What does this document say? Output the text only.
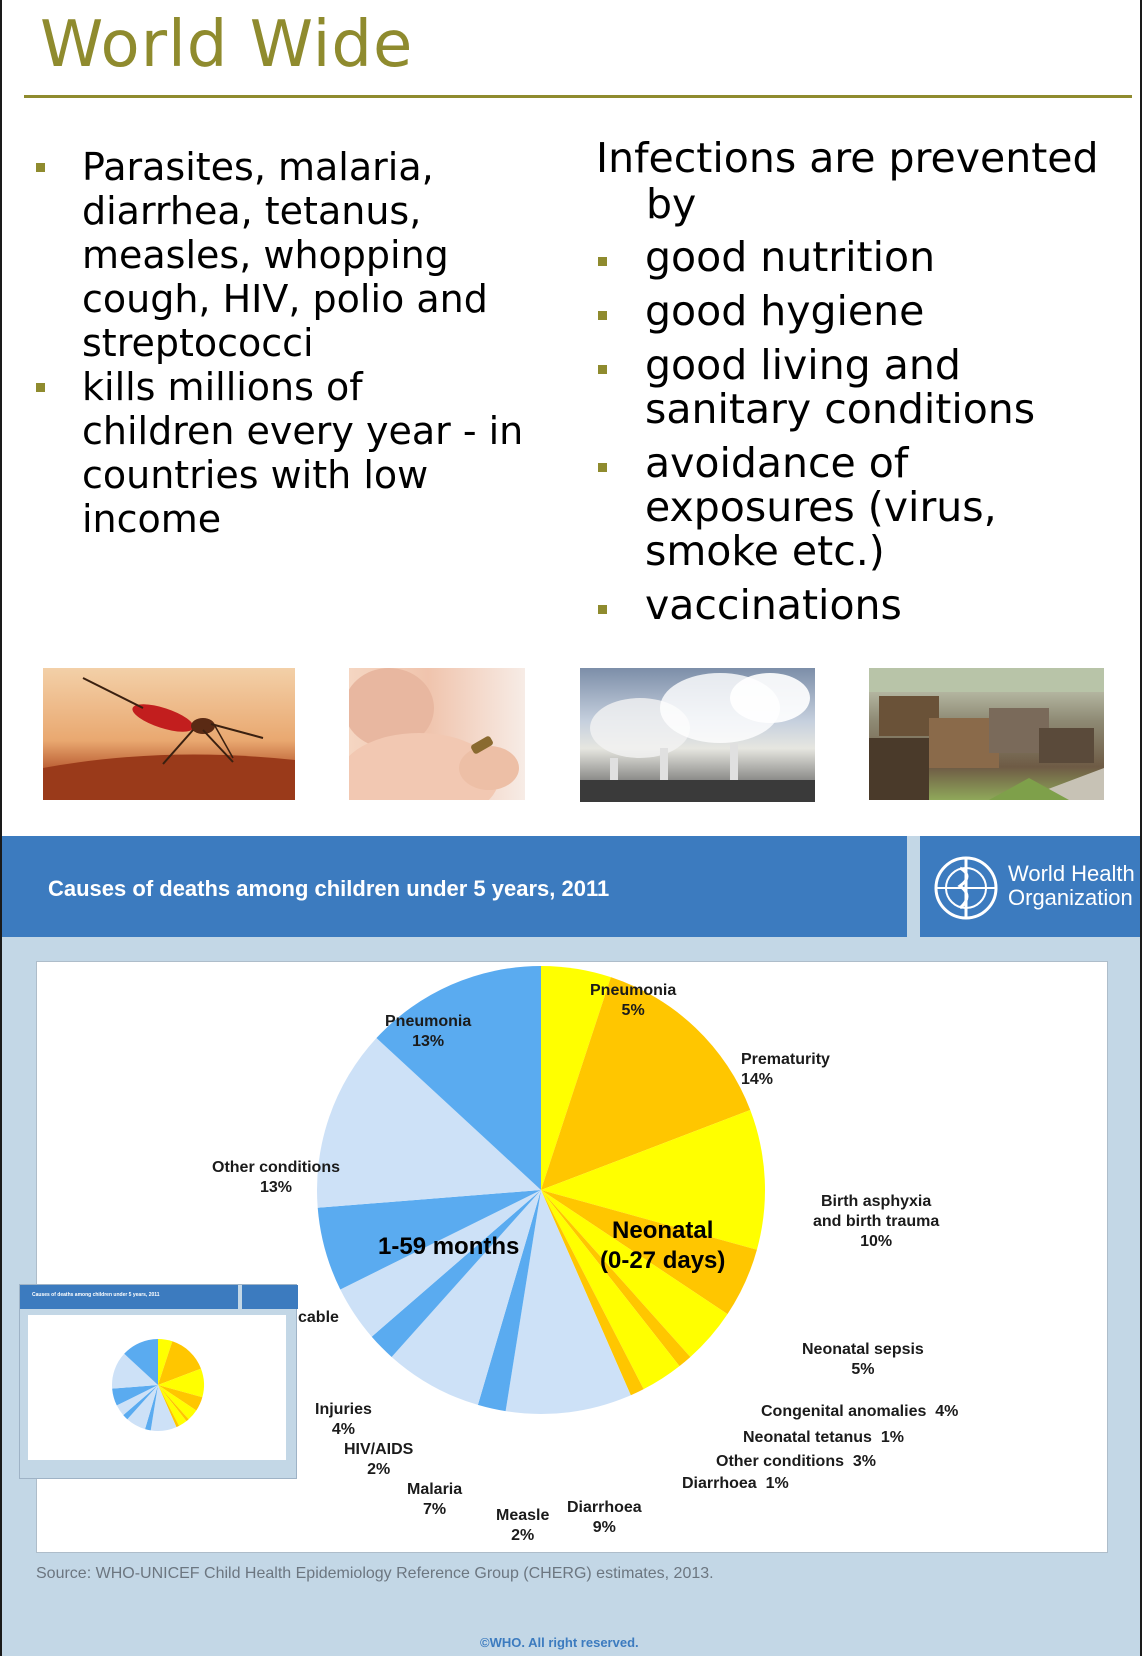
World Wide
Parasites, malaria, diarrhea, tetanus, measles, whopping cough, HIV, polio and streptococci
kills millions of children every year - in countries with low income
Infections are prevented
by
good nutrition
good hygiene
good living and sanitary conditions
avoidance of exposures (virus, smoke etc.)
vaccinations
Causes of deaths among children under 5 years, 2011
World Health
Organization
1-59 months
Neonatal
(0-27 days)
Pneumonia
5%
Prematurity
14%
Birth asphyxia
and birth trauma
10%
Neonatal sepsis
5%
Congenital anomalies 4%
Neonatal tetanus 1%
Other conditions 3%
Diarrhoea 1%
Diarrhoea
9%
Measle
2%
Malaria
7%
HIV/AIDS
2%
Injuries
4%
cable
Other conditions
13%
Pneumonia
13%
Source: WHO-UNICEF Child Health Epidemiology Reference Group (CHERG) estimates, 2013.
©WHO. All right reserved.
Causes of deaths among children under 5 years, 2011
